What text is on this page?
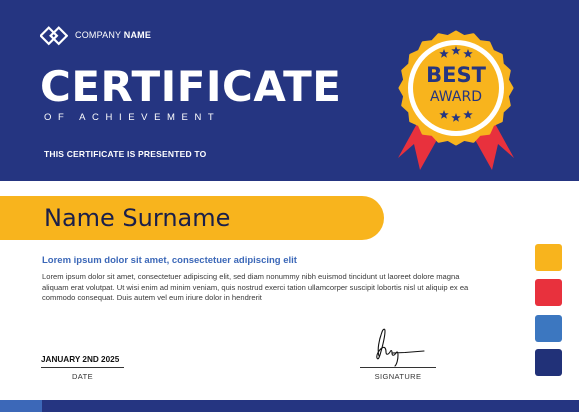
COMPANY NAME
CERTIFICATE
OF ACHIEVEMENT
THIS CERTIFICATE IS PRESENTED TO
BEST
AWARD
Name Surname
Lorem ipsum dolor sit amet, consectetuer adipiscing elit
Lorem ipsum dolor sit amet, consectetuer adipiscing elit, sed diam nonummy nibh euismod tincidunt ut laoreet dolore magna aliquam erat volutpat. Ut wisi enim ad minim veniam, quis nostrud exerci tation ullamcorper suscipit lobortis nisl ut aliquip ex ea commodo consequat. Duis autem vel eum iriure dolor in hendrerit
JANUARY 2ND 2025
DATE	SIGNATURE
